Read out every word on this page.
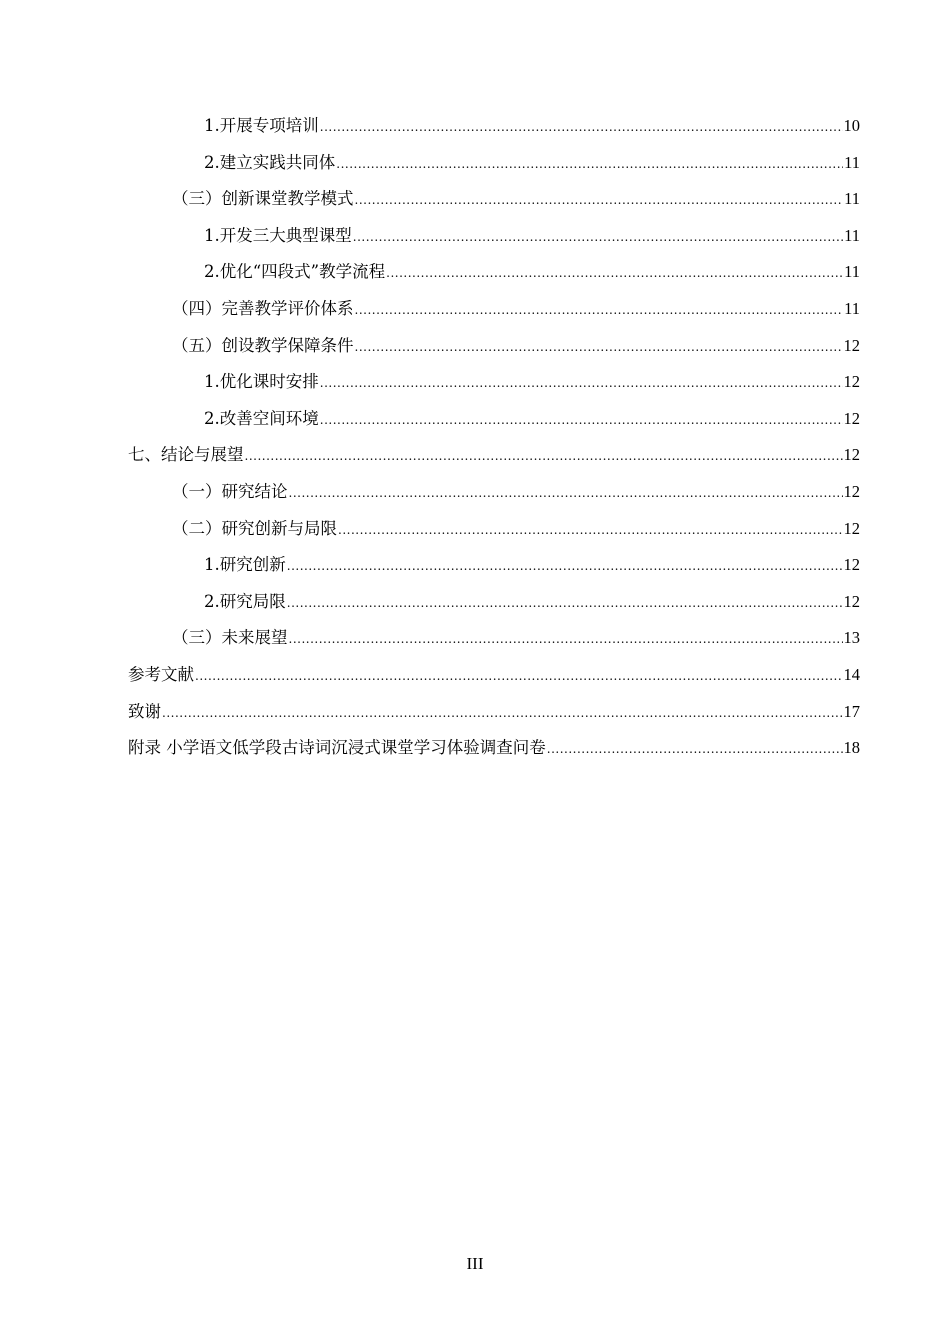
1.开展专项培训 .....	10
2.建立实践共同体 .....	11
（三）创新课堂教学模式 .....	11
1.开发三大典型课型 .....	11
2.优化“四段式”教学流程 .....	11
（四）完善教学评价体系 .....	11
（五）创设教学保障条件 .....	12
1.优化课时安排 .....	12
2.改善空间环境 .....	12
七、结论与展望 .....	12
（一）研究结论 .....	12
（二）研究创新与局限 .....	12
1.研究创新 .....	12
2.研究局限 .....	12
（三）未来展望 .....	13
参考文献 .....	14
致谢 .....	17
附录 小学语文低学段古诗词沉浸式课堂学习体验调查问卷 .....	18
III
